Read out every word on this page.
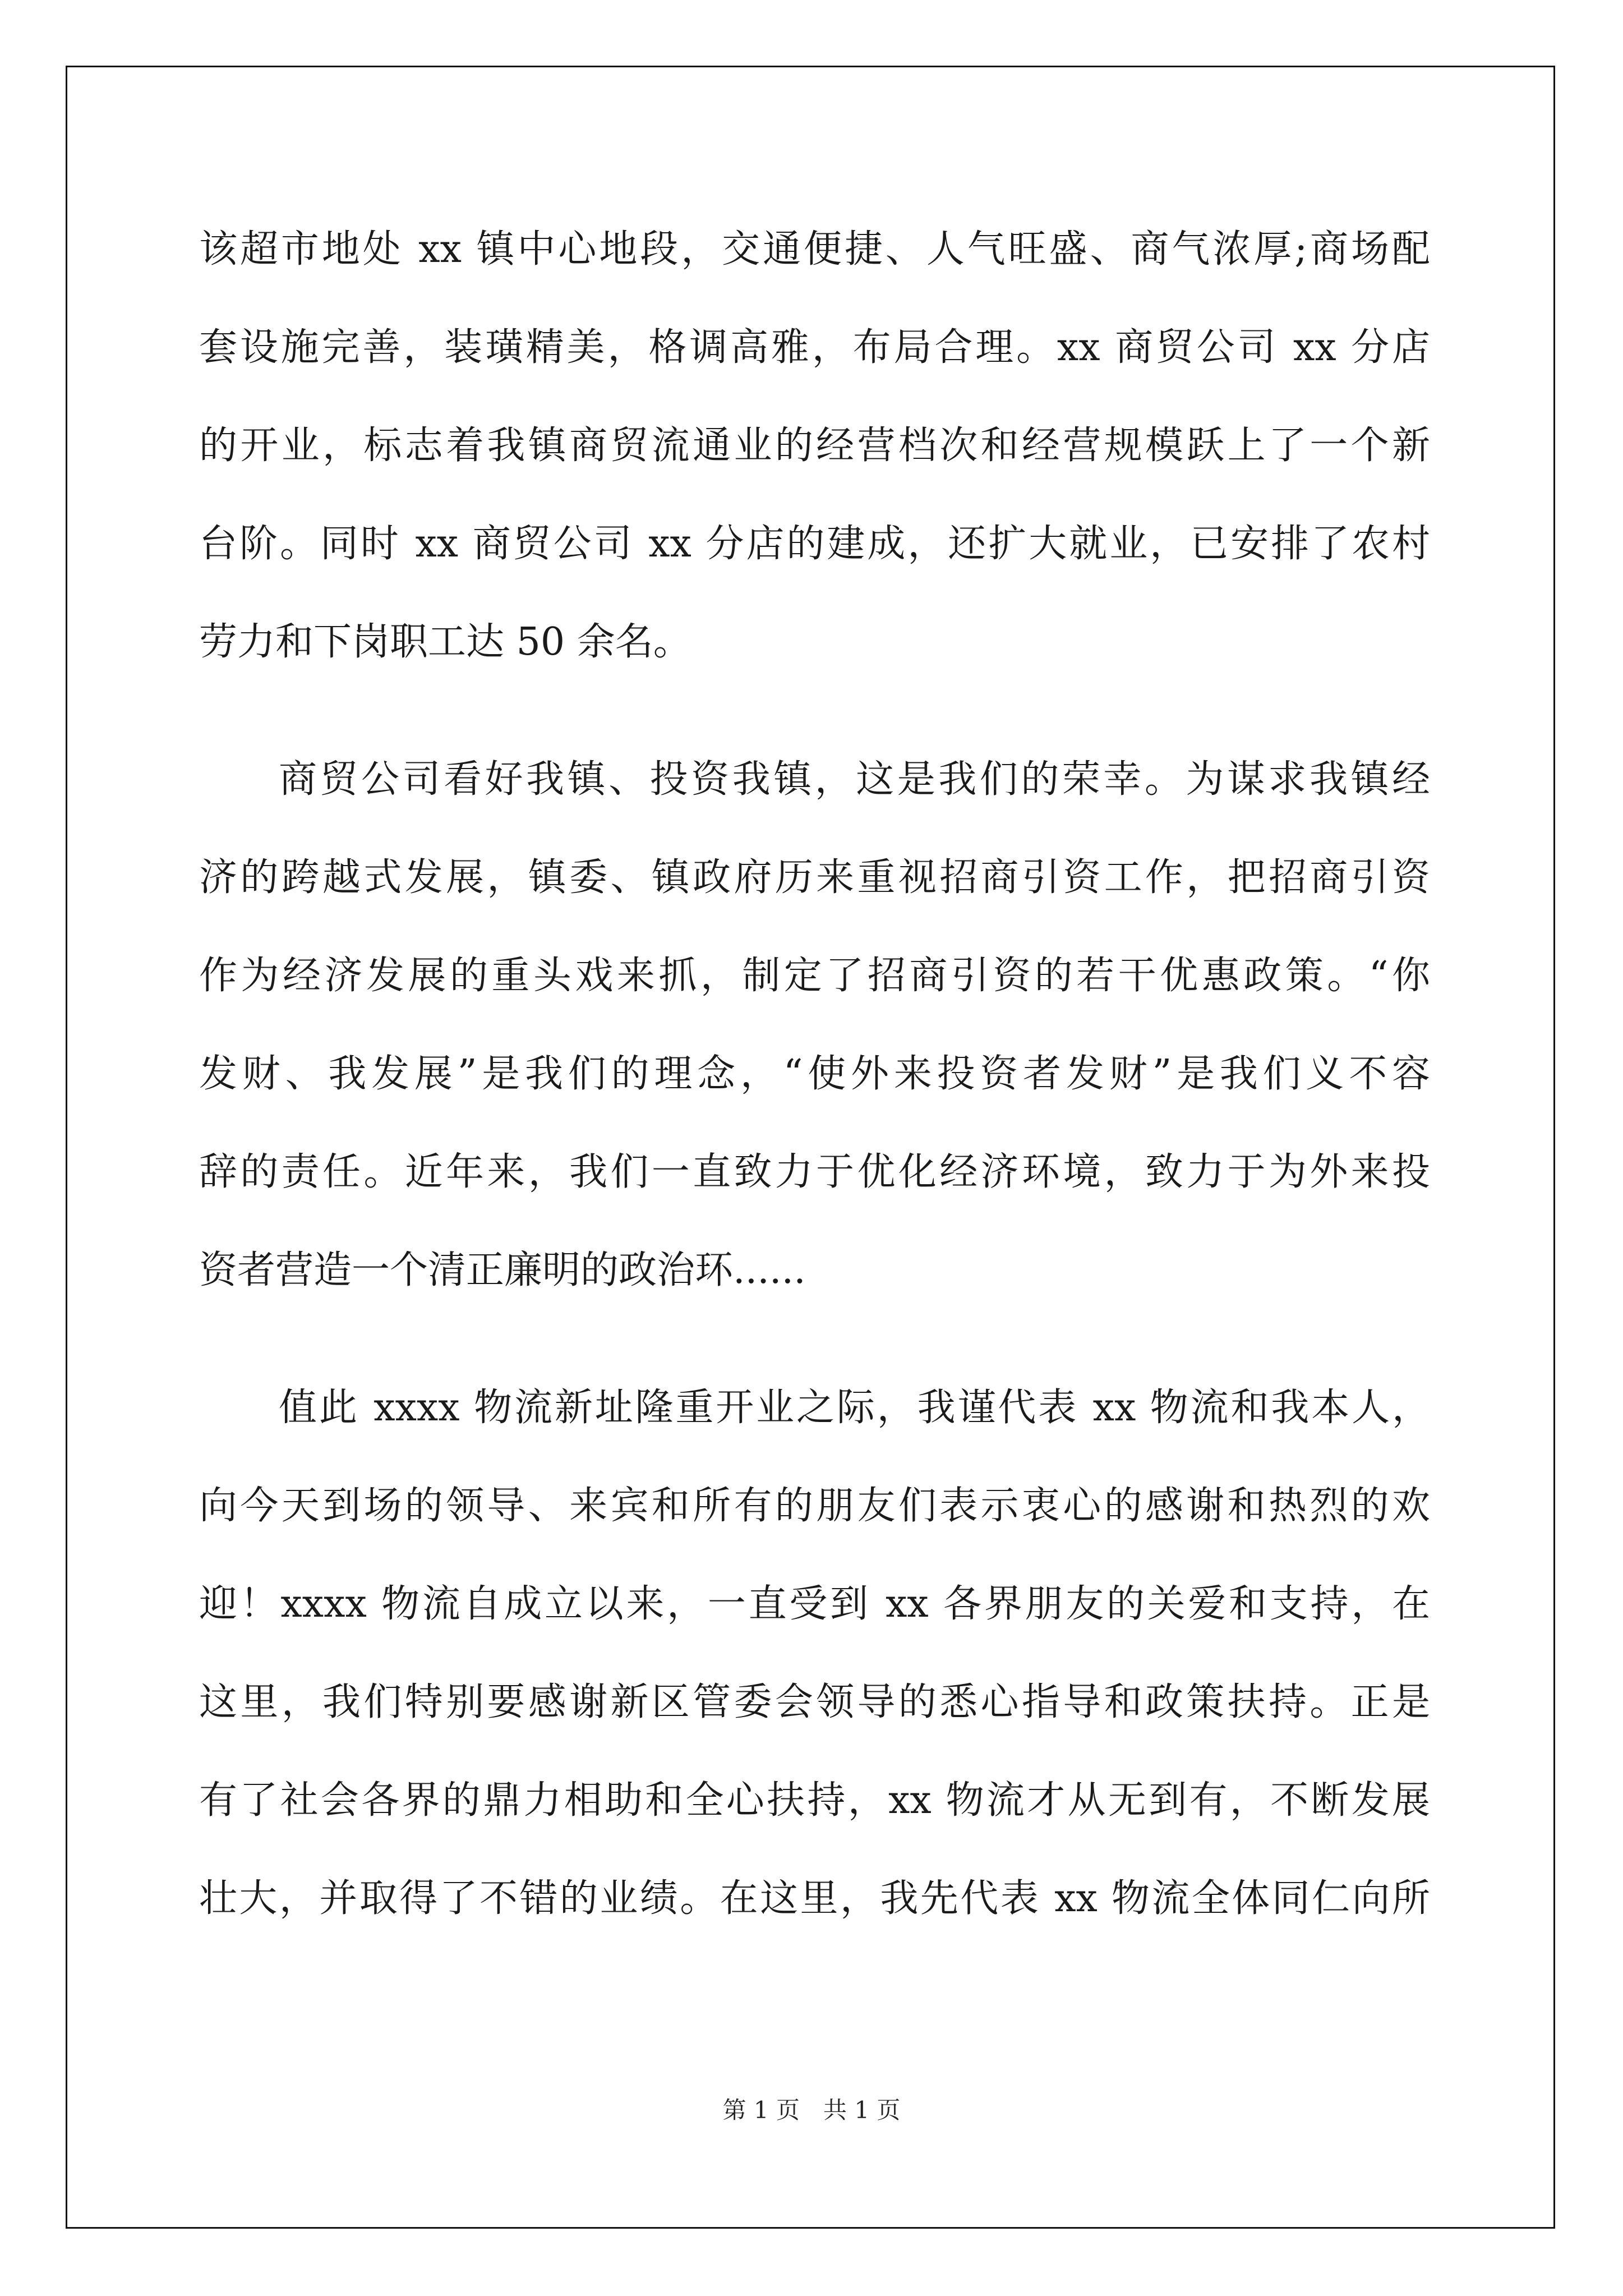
该超市地处 xx 镇中心地段，交通便捷、人气旺盛、商气浓厚;商场配
套设施完善，装璜精美，格调高雅，布局合理。xx 商贸公司 xx 分店
的开业，标志着我镇商贸流通业的经营档次和经营规模跃上了一个新
台阶。同时 xx 商贸公司 xx 分店的建成，还扩大就业，已安排了农村
劳力和下岗职工达 50 余名。
商贸公司看好我镇、投资我镇，这是我们的荣幸。为谋求我镇经
济的跨越式发展，镇委、镇政府历来重视招商引资工作，把招商引资
作为经济发展的重头戏来抓，制定了招商引资的若干优惠政策。“你
发财、我发展”是我们的理念，“使外来投资者发财”是我们义不容
辞的责任。近年来，我们一直致力于优化经济环境，致力于为外来投
资者营造一个清正廉明的政治环......
值此 xxxx 物流新址隆重开业之际，我谨代表 xx 物流和我本人，
向今天到场的领导、来宾和所有的朋友们表示衷心的感谢和热烈的欢
迎！xxxx 物流自成立以来，一直受到 xx 各界朋友的关爱和支持，在
这里，我们特别要感谢新区管委会领导的悉心指导和政策扶持。正是
有了社会各界的鼎力相助和全心扶持，xx 物流才从无到有，不断发展
壮大，并取得了不错的业绩。在这里，我先代表 xx 物流全体同仁向所
第 1 页　共 1 页
